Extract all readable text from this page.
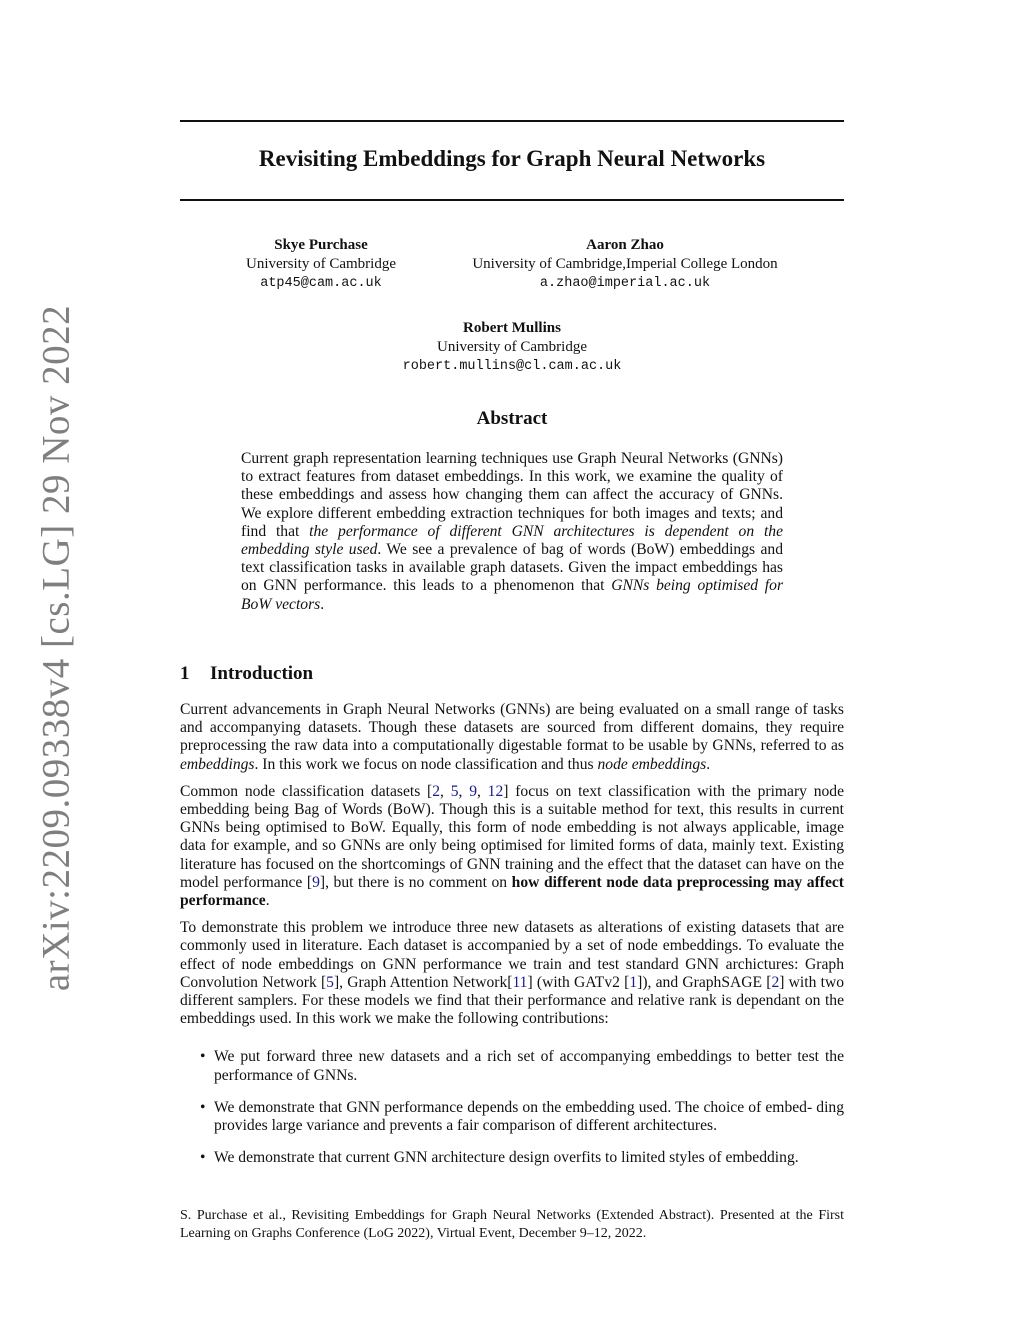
arXiv:2209.09338v4 [cs.LG] 29 Nov 2022
Revisiting Embeddings for Graph Neural Networks
Skye Purchase
University of Cambridge
atp45@cam.ac.uk
Aaron Zhao
University of Cambridge,Imperial College London
a.zhao@imperial.ac.uk
Robert Mullins
University of Cambridge
robert.mullins@cl.cam.ac.uk
Abstract
Current graph representation learning techniques use Graph Neural Networks (GNNs) to extract features from dataset embeddings. In this work, we examine the quality of these embeddings and assess how changing them can affect the accuracy of GNNs. We explore different embedding extraction techniques for both images and texts; and find that the performance of different GNN architectures is dependent on the embedding style used. We see a prevalence of bag of words (BoW) embeddings and text classification tasks in available graph datasets. Given the impact embeddings has on GNN performance. this leads to a phenomenon that GNNs being optimised for BoW vectors.
1 Introduction

Current advancements in Graph Neural Networks (GNNs) are being evaluated on a small range of tasks and accompanying datasets. Though these datasets are sourced from different domains, they require preprocessing the raw data into a computationally digestable format to be usable by GNNs, referred to as embeddings. In this work we focus on node classification and thus node embeddings.

Common node classification datasets [2, 5, 9, 12] focus on text classification with the primary node embedding being Bag of Words (BoW). Though this is a suitable method for text, this results in current GNNs being optimised to BoW. Equally, this form of node embedding is not always applicable, image data for example, and so GNNs are only being optimised for limited forms of data, mainly text. Existing literature has focused on the shortcomings of GNN training and the effect that the dataset can have on the model performance [9], but there is no comment on how different node data preprocessing may affect performance.

To demonstrate this problem we introduce three new datasets as alterations of existing datasets that are commonly used in literature. Each dataset is accompanied by a set of node embeddings. To evaluate the effect of node embeddings on GNN performance we train and test standard GNN archictures: Graph Convolution Network [5], Graph Attention Network[11] (with GATv2 [1]), and GraphSAGE [2] with two different samplers. For these models we find that their performance and relative rank is dependant on the embeddings used. In this work we make the following contributions:

• We put forward three new datasets and a rich set of accompanying embeddings to better test the performance of GNNs.
• We demonstrate that GNN performance depends on the embedding used. The choice of embed- ding provides large variance and prevents a fair comparison of different architectures.
• We demonstrate that current GNN architecture design overfits to limited styles of embedding.
S. Purchase et al., Revisiting Embeddings for Graph Neural Networks (Extended Abstract). Presented at the First Learning on Graphs Conference (LoG 2022), Virtual Event, December 9–12, 2022.
